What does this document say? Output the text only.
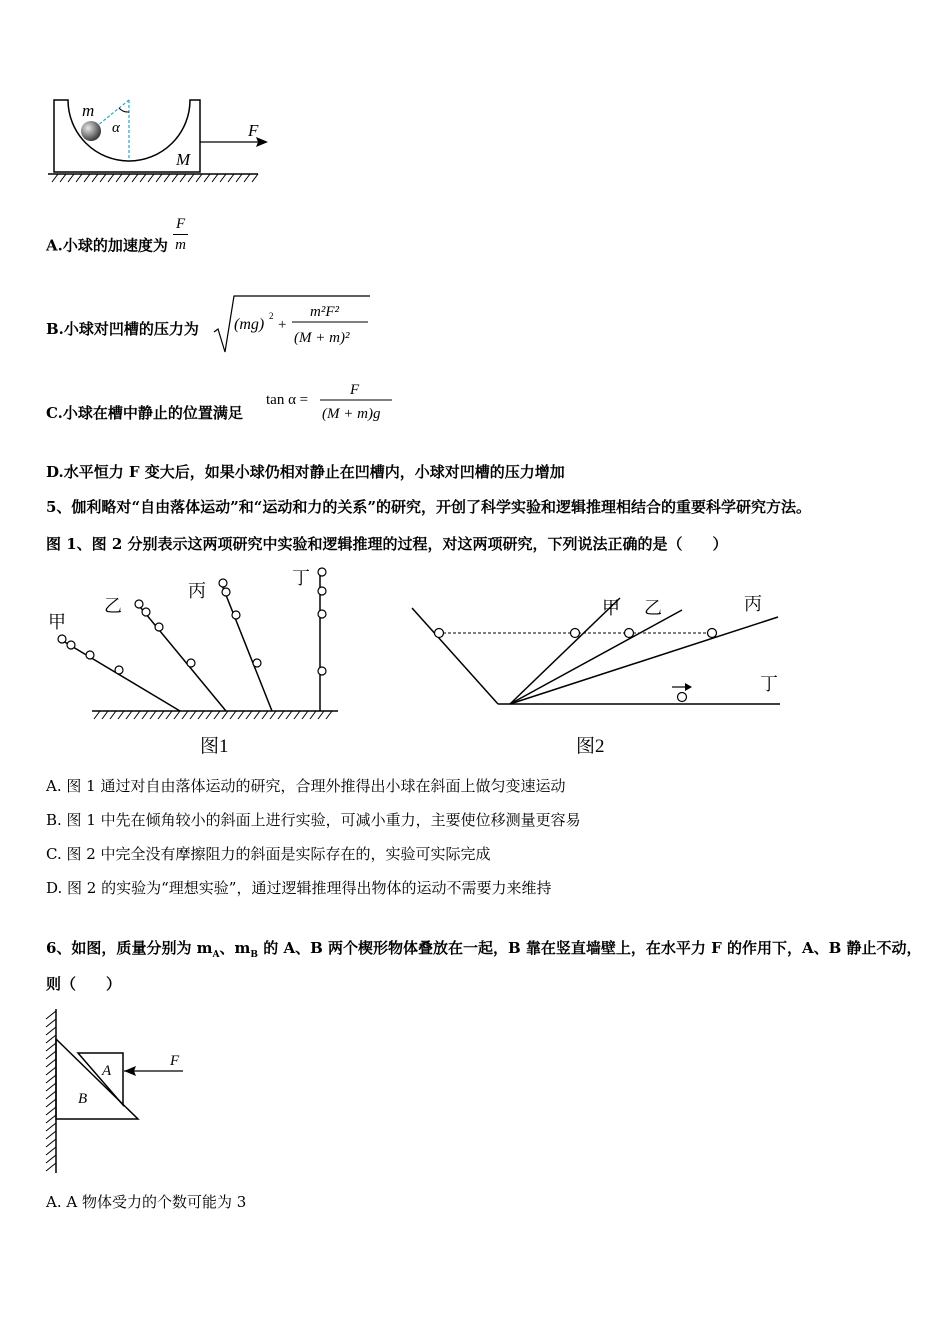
m
α
M
F
A.小球的加速度为 $\frac{F}{m}$
B.小球对凹槽的压力为 (mg) 2
+
m²F²
(M + m)²
C.小球在槽中静止的位置满足
tan α =
F
(M + m)g
D.水平恒力 F 变大后，如果小球仍相对静止在凹槽内，小球对凹槽的压力增加
5、伽利略对“自由落体运动”和“运动和力的关系”的研究，开创了科学实验和逻辑推理相结合的重要科学研究方法。
图 1、图 2 分别表示这两项研究中实验和逻辑推理的过程，对这两项研究，下列说法正确的是（　　）
甲
乙
丙
丁
图1
甲 乙	丙
丁
图2
A. 图 1 通过对自由落体运动的研究，合理外推得出小球在斜面上做匀变速运动
B. 图 1 中先在倾角较小的斜面上进行实验，可减小重力，主要使位移测量更容易
C. 图 2 中完全没有摩擦阻力的斜面是实际存在的，实验可实际完成
D. 图 2 的实验为“理想实验”，通过逻辑推理得出物体的运动不需要力来维持
6、如图，质量分别为 $m_A$、$m_B$ 的 A、B 两个楔形物体叠放在一起，B 靠在竖直墙壁上，在水平力 F 的作用下，A、B 静止不动，
则（　　）
A
B
F
A. A 物体受力的个数可能为 3
